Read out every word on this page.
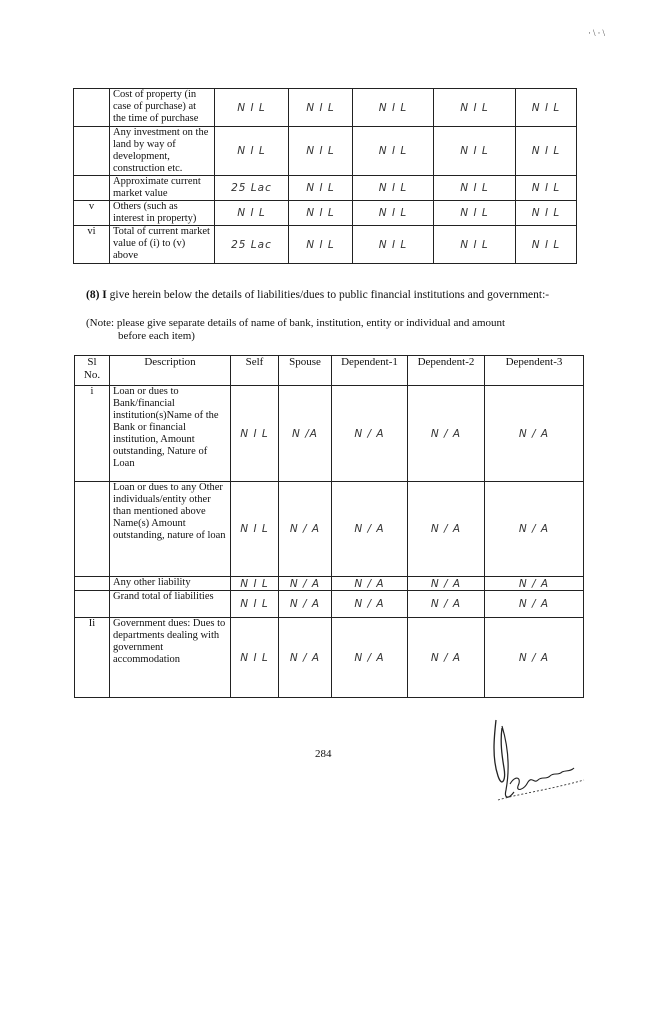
·\·\
	Cost of property (in case of purchase) at the time of purchase	N I L	N I L	N I L	N I L	N I L
	Any investment on the land by way of development, construction etc.	N I L	N I L	N I L	N I L	N I L
	Approximate current market value	25 Lac	N I L	N I L	N I L	N I L
v	Others (such as interest in property)	N I L	N I L	N I L	N I L	N I L
vi	Total of current market value of (i) to (v) above	25 Lac	N I L	N I L	N I L	N I L
(8) I give herein below the details of liabilities/dues to public financial institutions and government:-
(Note: please give separate details of name of bank, institution, entity or individual and amount
before each item)
Sl No.	Description	Self	Spouse	Dependent-1	Dependent-2	Dependent-3
i	Loan or dues to Bank/financial institution(s)Name of the Bank or financial institution, Amount outstanding, Nature of Loan	N I L	N /A	N / A	N / A	N / A
	Loan or dues to any Other individuals/entity other than mentioned above Name(s) Amount outstanding, nature of loan	N I L	N / A	N / A	N / A	N / A
	Any other liability	N I L	N / A	N / A	N / A	N / A
	Grand total of liabilities	N I L	N / A	N / A	N / A	N / A
Ii	Government dues: Dues to departments dealing with government accommodation	N I L	N / A	N / A	N / A	N / A
284
